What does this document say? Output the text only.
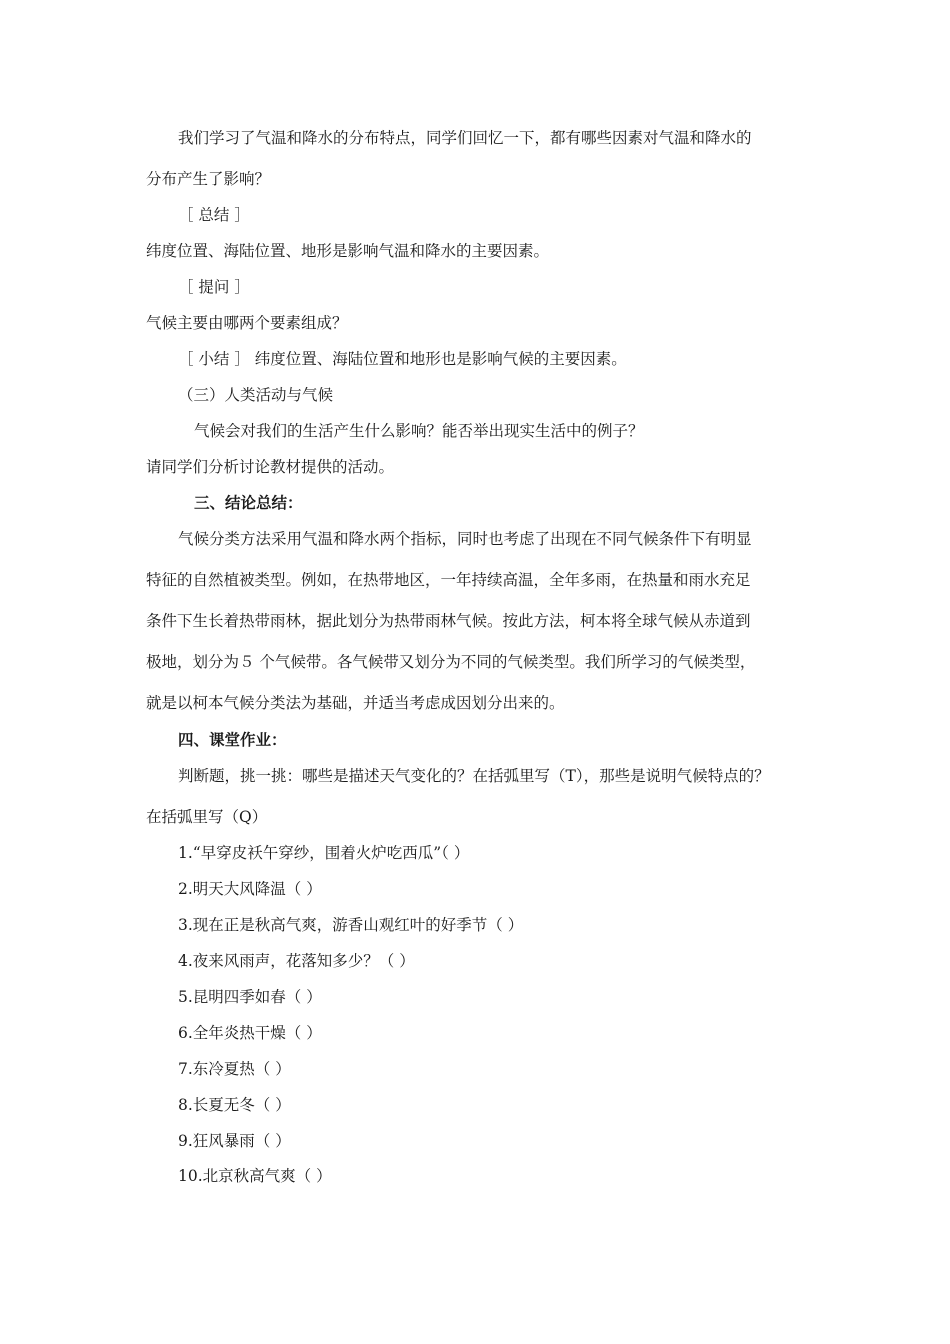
我们学习了气温和降水的分布特点，同学们回忆一下，都有哪些因素对气温和降水的
分布产生了影响？
［ 总结 ］
纬度位置、海陆位置、地形是影响气温和降水的主要因素。
［ 提问 ］
气候主要由哪两个要素组成？
［ 小结 ］ 纬度位置、海陆位置和地形也是影响气候的主要因素。
（三）人类活动与气候
气候会对我们的生活产生什么影响？能否举出现实生活中的例子？
请同学们分析讨论教材提供的活动。
三、结论总结：
气候分类方法采用气温和降水两个指标，同时也考虑了出现在不同气候条件下有明显
特征的自然植被类型。例如，在热带地区，一年持续高温，全年多雨，在热量和雨水充足
条件下生长着热带雨林，据此划分为热带雨林气候。按此方法，柯本将全球气候从赤道到
极地，划分为５ 个气候带。各气候带又划分为不同的气候类型。我们所学习的气候类型，
就是以柯本气候分类法为基础，并适当考虑成因划分出来的。
四、课堂作业：
判断题，挑一挑：哪些是描述天气变化的？在括弧里写（T），那些是说明气候特点的？
在括弧里写（Q）
1.“早穿皮袄午穿纱，围着火炉吃西瓜”（ ）
2.明天大风降温（ ）
3.现在正是秋高气爽，游香山观红叶的好季节（ ）
4.夜来风雨声，花落知多少？（ ）
5.昆明四季如春（ ）
6.全年炎热干燥（ ）
7.东冷夏热（ ）
8.长夏无冬（ ）
9.狂风暴雨（ ）
10.北京秋高气爽（ ）
